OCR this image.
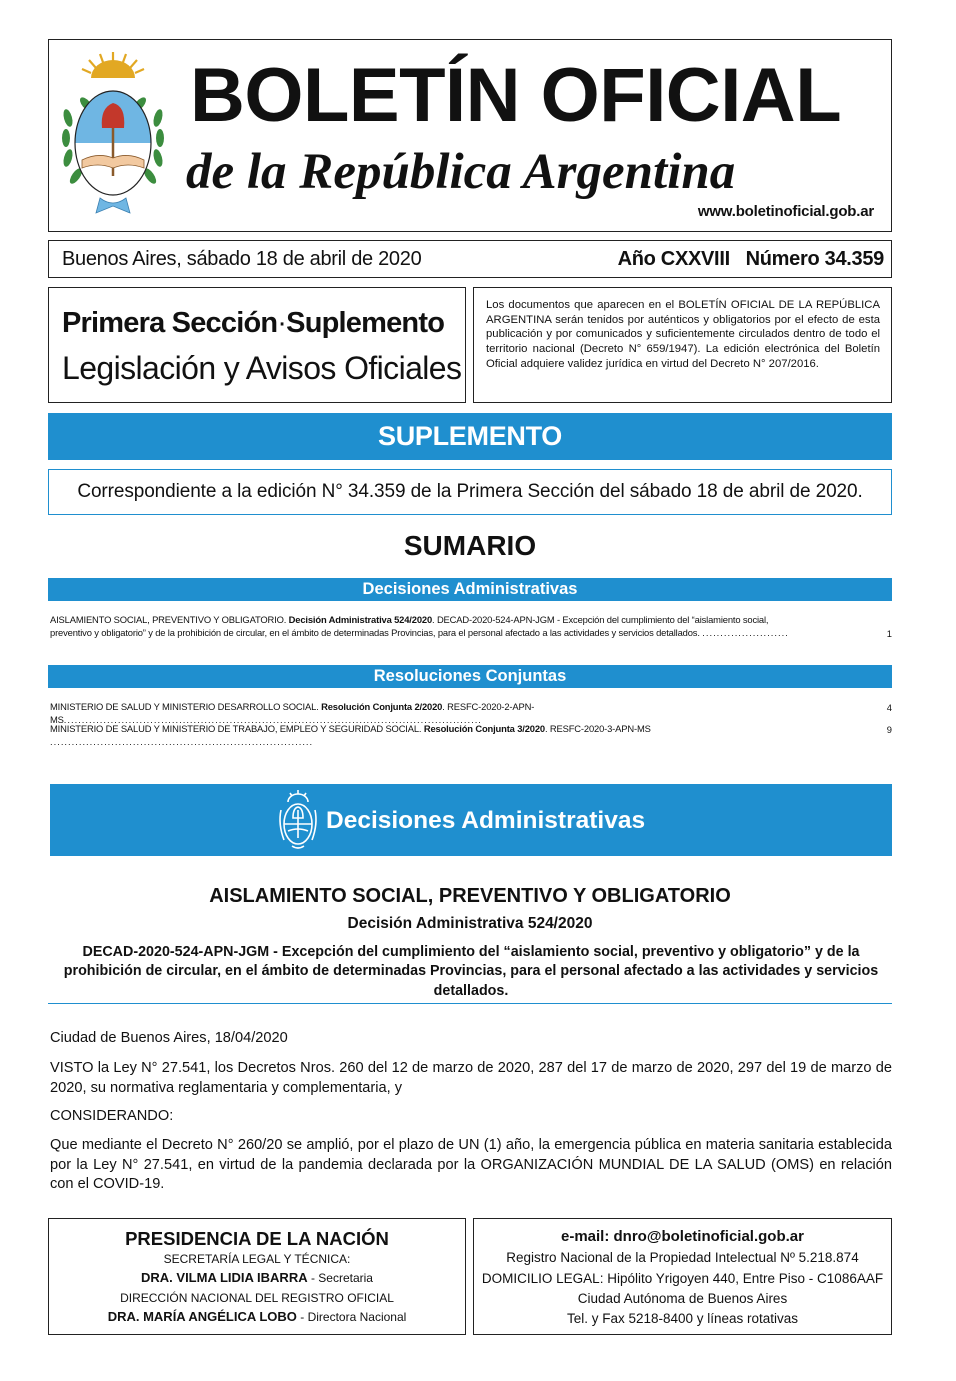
BOLETÍN OFICIAL
de la República Argentina
www.boletinoficial.gob.ar
Buenos Aires, sábado 18 de abril de 2020	Año CXXVIII   Número 34.359
Primera Sección·Suplemento
Legislación y Avisos Oficiales
Los documentos que aparecen en el BOLETÍN OFICIAL DE LA REPÚBLICA ARGENTINA serán tenidos por auténticos y obligatorios por el efecto de esta publicación y por comunicados y suficientemente circulados dentro de todo el territorio nacional (Decreto N° 659/1947). La edición electrónica del Boletín Oficial adquiere validez jurídica en virtud del Decreto N° 207/2016.
SUPLEMENTO
Correspondiente a la edición N° 34.359 de la Primera Sección del sábado 18 de abril de 2020.
SUMARIO
Decisiones Administrativas
AISLAMIENTO SOCIAL, PREVENTIVO Y OBLIGATORIO. Decisión Administrativa 524/2020. DECAD-2020-524-APN-JGM - Excepción del cumplimiento del “aislamiento social,
preventivo y obligatorio” y de la prohibición de circular, en el ámbito de determinadas Provincias, para el personal afectado a las actividades y servicios detallados. ........................	1
Resoluciones Conjuntas
MINISTERIO DE SALUD Y MINISTERIO DESARROLLO SOCIAL. Resolución Conjunta 2/2020. RESFC-2020-2-APN-MS....................................................................................................................
4
MINISTERIO DE SALUD Y MINISTERIO DE TRABAJO, EMPLEO Y SEGURIDAD SOCIAL. Resolución Conjunta 3/2020. RESFC-2020-3-APN-MS .........................................................................
9
Decisiones Administrativas
AISLAMIENTO SOCIAL, PREVENTIVO Y OBLIGATORIO
Decisión Administrativa 524/2020
DECAD-2020-524-APN-JGM - Excepción del cumplimiento del “aislamiento social, preventivo y obligatorio” y de la prohibición de circular, en el ámbito de determinadas Provincias, para el personal afectado a las actividades y servicios detallados.
Ciudad de Buenos Aires, 18/04/2020
VISTO la Ley N° 27.541, los Decretos Nros. 260 del 12 de marzo de 2020, 287 del 17 de marzo de 2020, 297 del 19 de marzo de 2020, su normativa reglamentaria y complementaria, y
CONSIDERANDO:
Que mediante el Decreto N° 260/20 se amplió, por el plazo de UN (1) año, la emergencia pública en materia sanitaria establecida por la Ley N° 27.541, en virtud de la pandemia declarada por la ORGANIZACIÓN MUNDIAL DE LA SALUD (OMS) en relación con el COVID-19.
PRESIDENCIA DE LA NACIÓN
SECRETARÍA LEGAL Y TÉCNICA:
DRA. VILMA LIDIA IBARRA - Secretaria
DIRECCIÓN NACIONAL DEL REGISTRO OFICIAL
DRA. MARÍA ANGÉLICA LOBO - Directora Nacional
e-mail: dnro@boletinoficial.gob.ar
Registro Nacional de la Propiedad Intelectual Nº 5.218.874
DOMICILIO LEGAL: Hipólito Yrigoyen 440, Entre Piso - C1086AAF
Ciudad Autónoma de Buenos Aires
Tel. y Fax 5218-8400 y líneas rotativas
